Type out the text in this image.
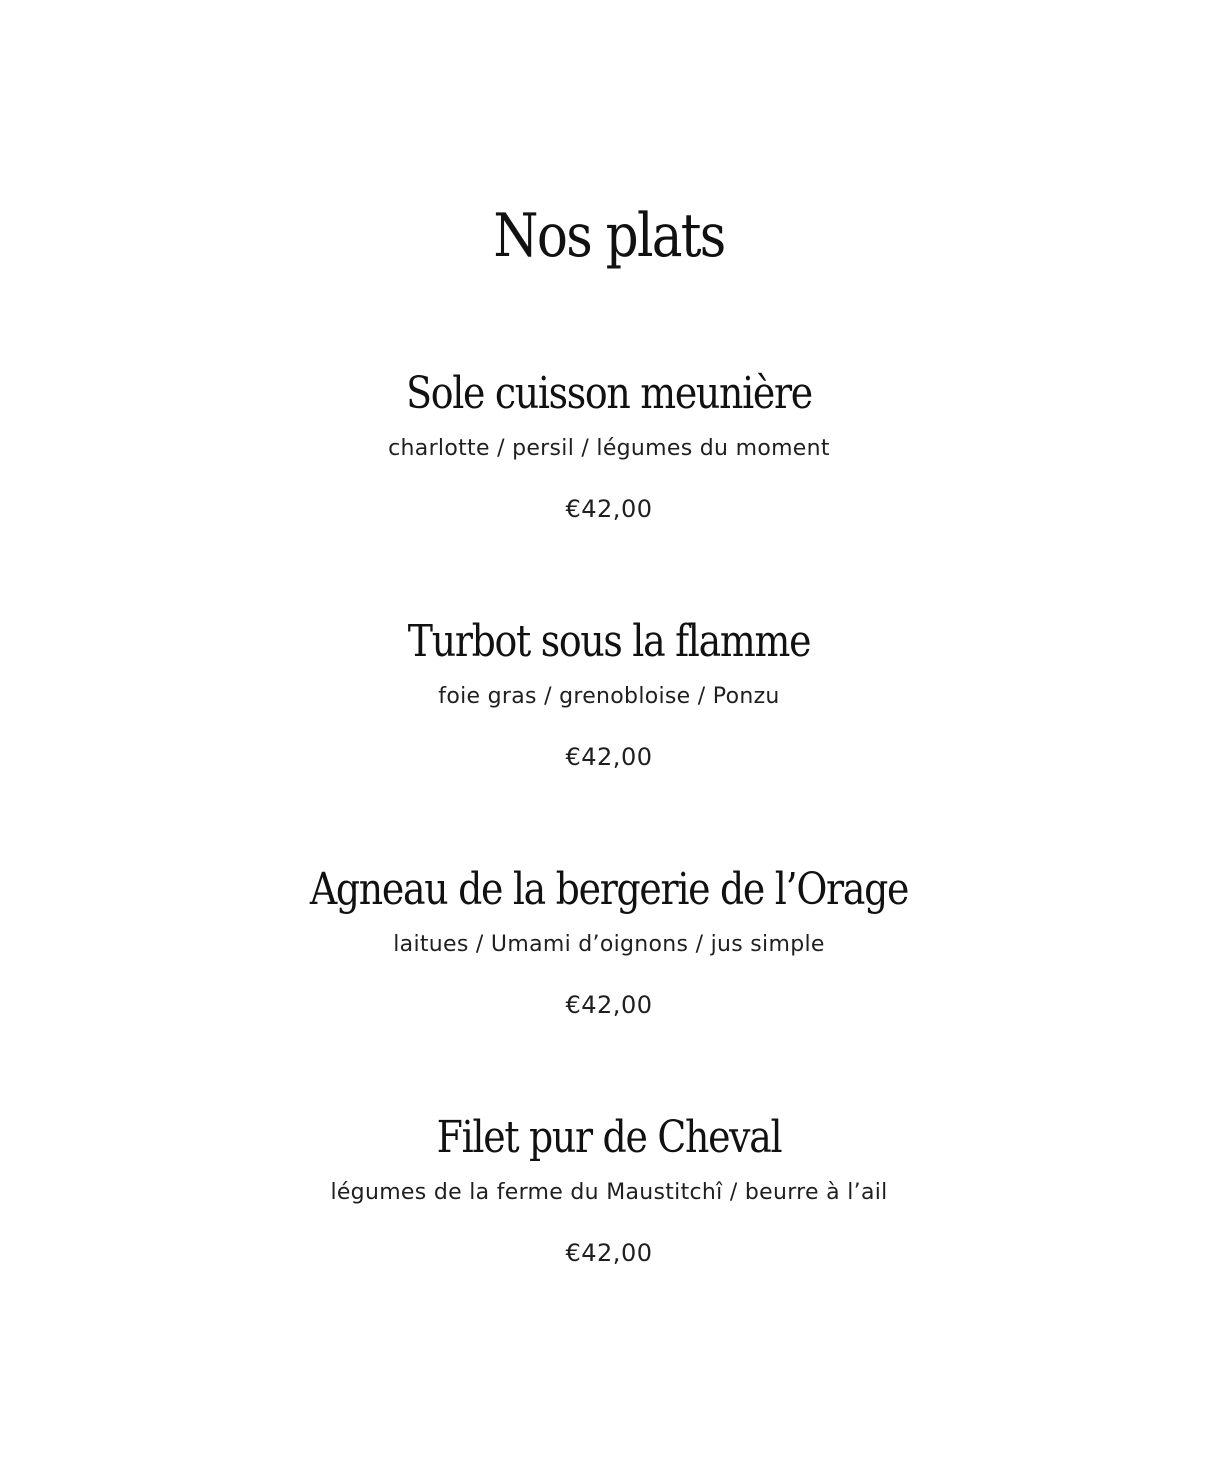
Nos plats
Sole cuisson meunière

charlotte / persil / légumes du moment

€42,00

Turbot sous la flamme

foie gras / grenobloise / Ponzu

€42,00

Agneau de la bergerie de l’Orage

laitues / Umami d’oignons / jus simple

€42,00

Filet pur de Cheval

légumes de la ferme du Maustitchî / beurre à l’ail

€42,00
